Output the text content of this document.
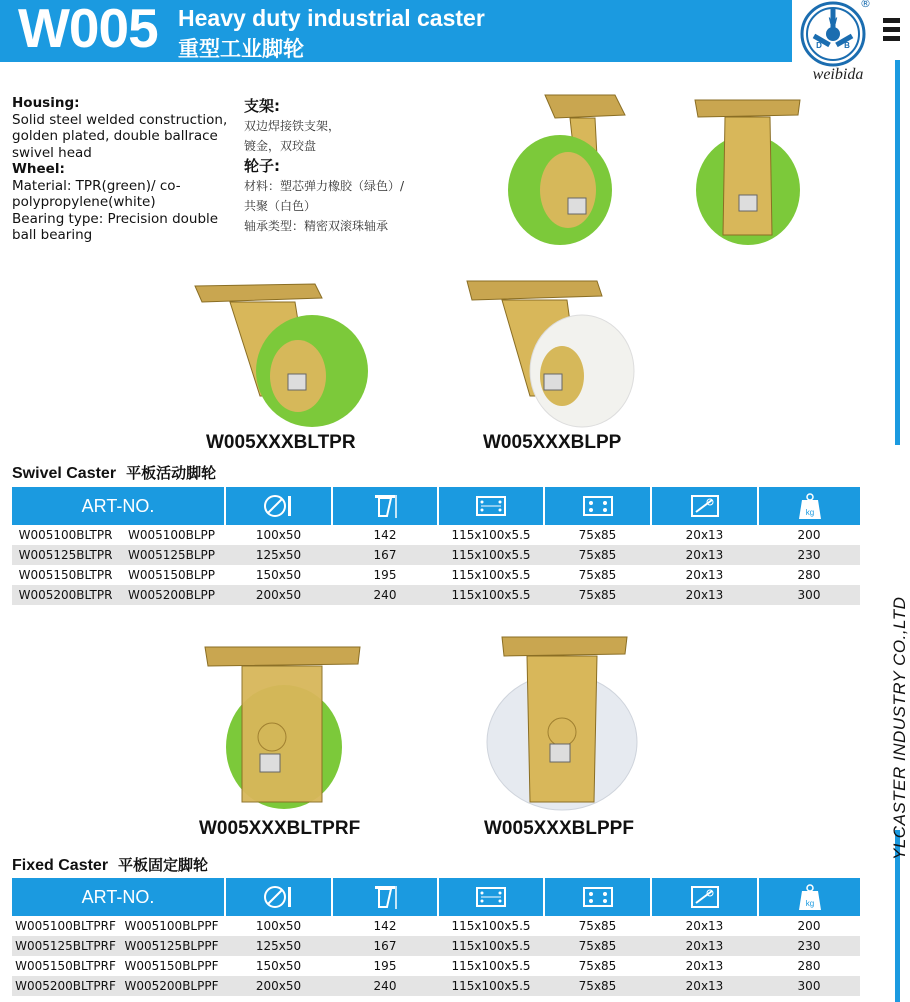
W005 Heavy duty industrial caster
重型工业脚轮
W
D	B
®
weibida
YLCASTER INDUSTRY CO.,LTD
Housing:
Solid steel welded construction, golden plated, double ballrace swivel head
Wheel:
Material: TPR(green)/ co-polypropylene(white)
Bearing type: Precision double ball bearing
支架:
双边焊接铁支架，
镀金，双珓盘
轮子:
材料：塑芯弹力橡胶（绿色）/
共聚（白色）
轴承类型：精密双滚珠轴承
W005XXXBLTPR	W005XXXBLPP
W005XXXBLTPRF	W005XXXBLPPF
Swivel Caster 平板活动脚轮
ART-NO.						kg

W005100BLTPR W005100BLPP	100x50	142	115x100x5.5	75x85	20x13	200
W005125BLTPR W005125BLPP	125x50	167	115x100x5.5	75x85	20x13	230
W005150BLTPR W005150BLPP	150x50	195	115x100x5.5	75x85	20x13	280
W005200BLTPR W005200BLPP	200x50	240	115x100x5.5	75x85	20x13	300
Fixed Caster 平板固定脚轮
ART-NO.						kg

W005100BLTPRF W005100BLPPF	100x50	142	115x100x5.5	75x85	20x13	200
W005125BLTPRF W005125BLPPF	125x50	167	115x100x5.5	75x85	20x13	230
W005150BLTPRF W005150BLPPF	150x50	195	115x100x5.5	75x85	20x13	280
W005200BLTPRF W005200BLPPF	200x50	240	115x100x5.5	75x85	20x13	300
